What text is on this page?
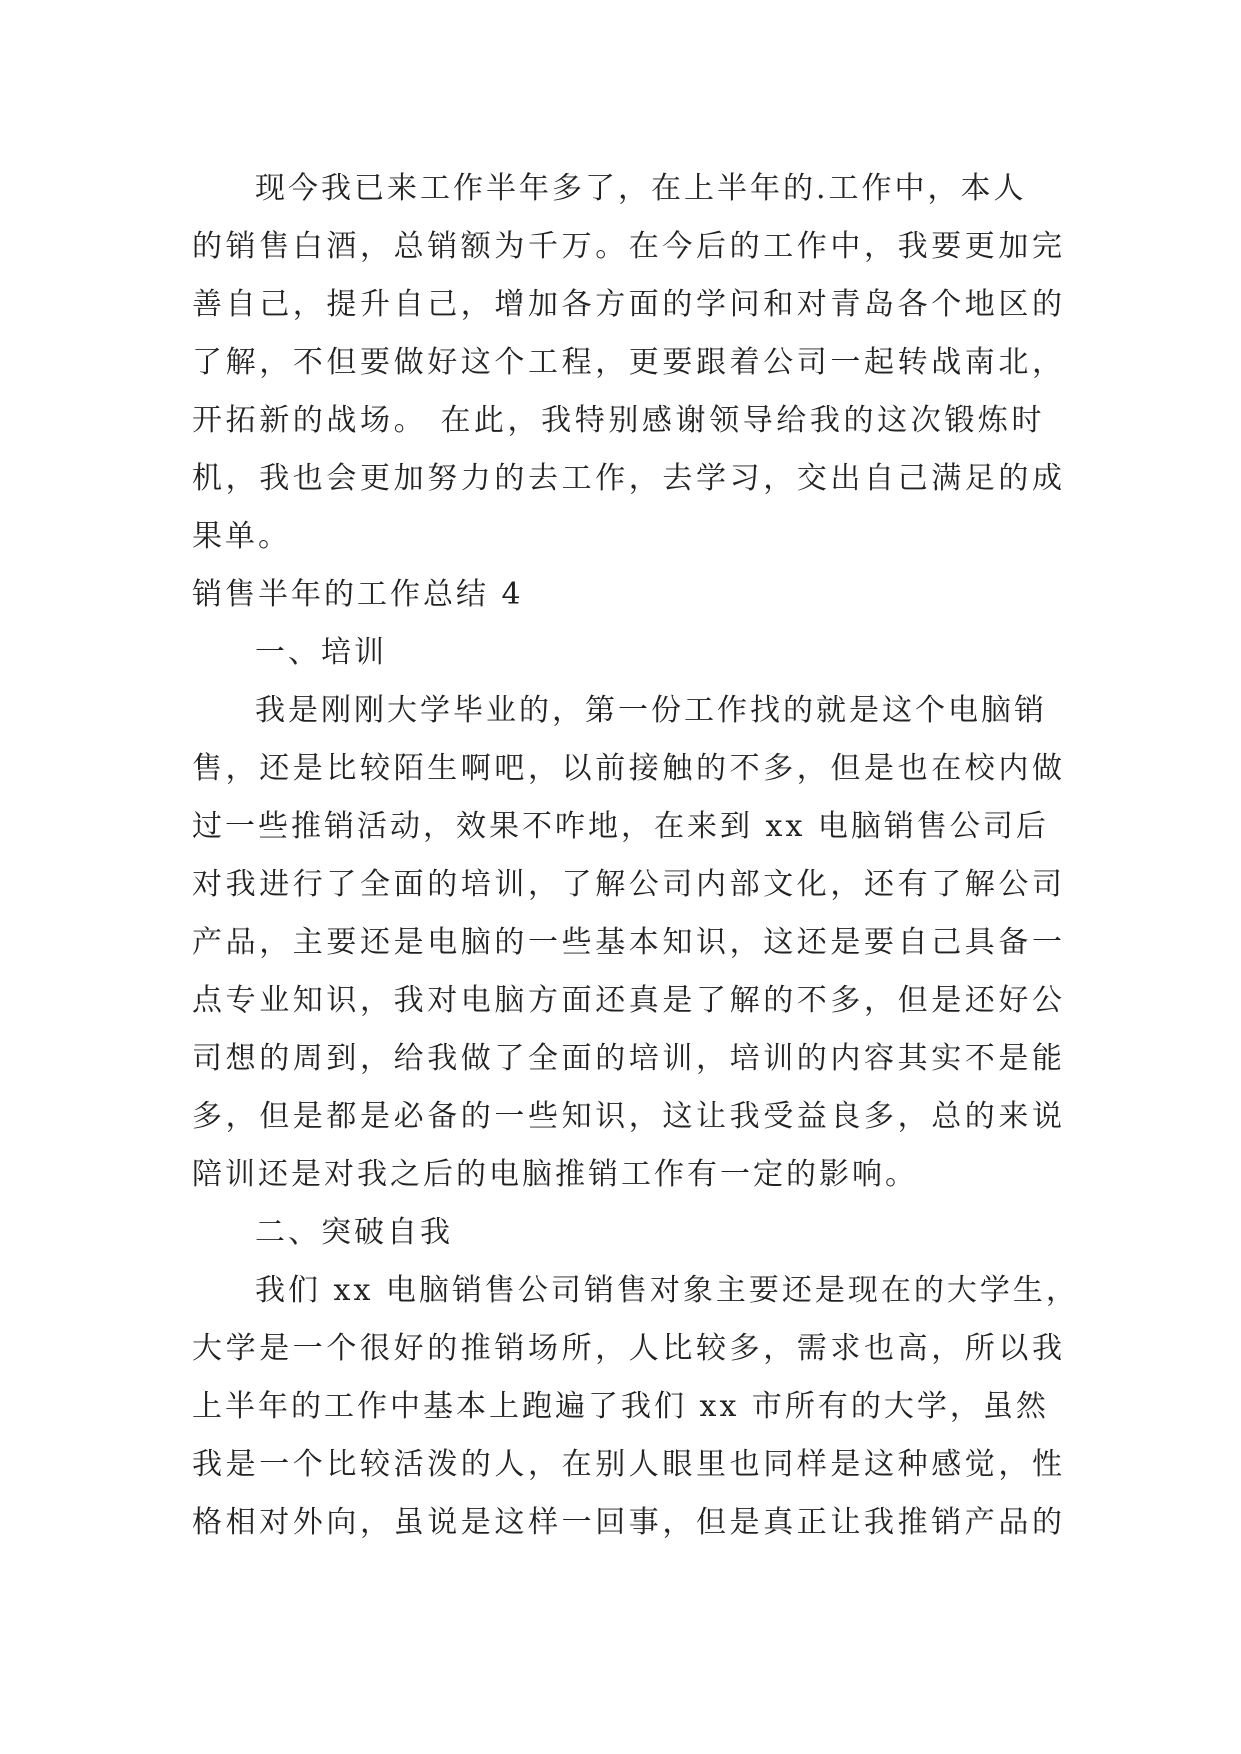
现今我已来工作半年多了，在上半年的.工作中，本人
的销售白酒，总销额为千万。在今后的工作中，我要更加完
善自己，提升自己，增加各方面的学问和对青岛各个地区的
了解，不但要做好这个工程，更要跟着公司一起转战南北，
开拓新的战场。 在此，我特别感谢领导给我的这次锻炼时
机，我也会更加努力的去工作，去学习，交出自己满足的成
果单。
销售半年的工作总结 4
一、培训
我是刚刚大学毕业的，第一份工作找的就是这个电脑销
售，还是比较陌生啊吧，以前接触的不多，但是也在校内做
过一些推销活动，效果不咋地，在来到 xx 电脑销售公司后
对我进行了全面的培训，了解公司内部文化，还有了解公司
产品，主要还是电脑的一些基本知识，这还是要自己具备一
点专业知识，我对电脑方面还真是了解的不多，但是还好公
司想的周到，给我做了全面的培训，培训的内容其实不是能
多，但是都是必备的一些知识，这让我受益良多，总的来说
陪训还是对我之后的电脑推销工作有一定的影响。
二、突破自我
我们 xx 电脑销售公司销售对象主要还是现在的大学生，
大学是一个很好的推销场所，人比较多，需求也高，所以我
上半年的工作中基本上跑遍了我们 xx 市所有的大学，虽然
我是一个比较活泼的人，在别人眼里也同样是这种感觉，性
格相对外向，虽说是这样一回事，但是真正让我推销产品的
